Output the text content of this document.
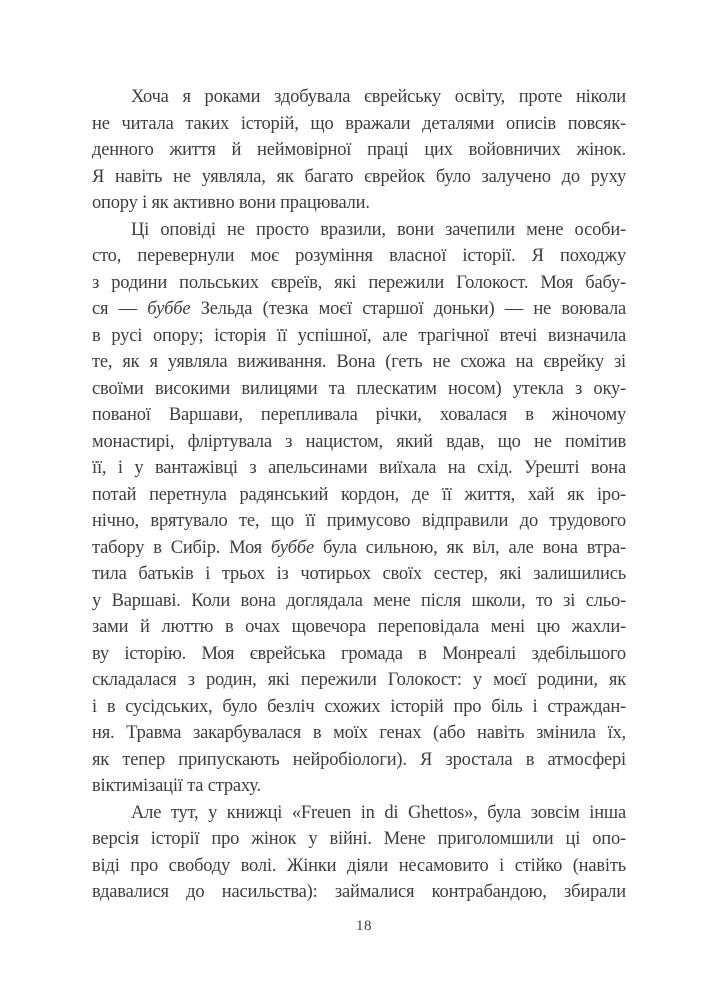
Хоча я роками здобувала єврейську освіту, проте ніколи
не читала таких історій, що вражали деталями описів повсяк-
денного життя й неймовірної праці цих войовничих жінок.
Я навіть не уявляла, як багато єврейок було залучено до руху
опору і як активно вони працювали.
Ці оповіді не просто вразили, вони зачепили мене особи-
сто, перевернули моє розуміння власної історії. Я походжу
з родини польських євреїв, які пережили Голокост. Моя бабу-
ся — буббе Зельда (тезка моєї старшої доньки) — не воювала
в русі опору; історія її успішної, але трагічної втечі визначила
те, як я уявляла виживання. Вона (геть не схожа на єврейку зі
своїми високими вилицями та плескатим носом) утекла з оку-
пованої Варшави, перепливала річки, ховалася в жіночому
монастирі, фліртувала з нацистом, який вдав, що не помітив
її, і у вантажівці з апельсинами виїхала на схід. Урешті вона
потай перетнула радянський кордон, де її життя, хай як іро-
нічно, врятувало те, що її примусово відправили до трудового
табору в Сибір. Моя буббе була сильною, як віл, але вона втра-
тила батьків і трьох із чотирьох своїх сестер, які залишились
у Варшаві. Коли вона доглядала мене після школи, то зі сльо-
зами й люттю в очах щовечора переповідала мені цю жахли-
ву історію. Моя єврейська громада в Монреалі здебільшого
складалася з родин, які пережили Голокост: у моєї родини, як
і в сусідських, було безліч схожих історій про біль і страждан-
ня. Травма закарбувалася в моїх генах (або навіть змінила їх,
як тепер припускають нейробіологи). Я зростала в атмосфері
віктимізації та страху.
Але тут, у книжці «Freuen in di Ghettos», була зовсім інша
версія історії про жінок у війні. Мене приголомшили ці опо-
віді про свободу волі. Жінки діяли несамовито і стійко (навіть
вдавалися до насильства): займалися контрабандою, збирали
18
